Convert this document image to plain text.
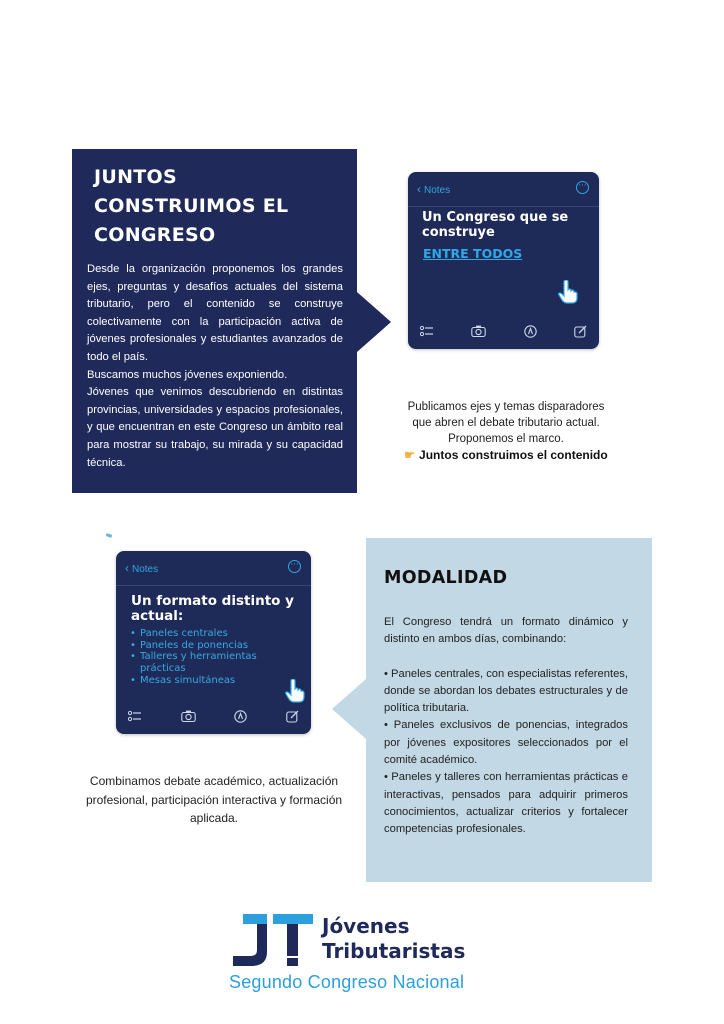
JUNTOS
CONSTRUIMOS EL
CONGRESO

Desde la organización proponemos los grandes ejes, preguntas y desafíos actuales del sistema tributario, pero el contenido se construye colectivamente con la participación activa de jóvenes profesionales y estudiantes avanzados de todo el país.

Buscamos muchos jóvenes exponiendo.

Jóvenes que venimos descubriendo en distintas provincias, universidades y espacios profesionales, y que encuentran en este Congreso un ámbito real para mostrar su trabajo, su mirada y su capacidad técnica.

‹ Notes	···
Un Congreso que se construye
ENTRE TODOS
Publicamos ejes y temas disparadores
que abren el debate tributario actual.
Proponemos el marco.
☛ Juntos construimos el contenido
‹ Notes	···
Un formato distinto y actual:
• Paneles centrales
• Paneles de ponencias
• Talleres y herramientas prácticas
• Mesas simultáneas
Combinamos debate académico, actualización profesional, participación interactiva y formación aplicada.
MODALIDAD

El Congreso tendrá un formato dinámico y distinto en ambos días, combinando:

• Paneles centrales, con especialistas referentes, donde se abordan los debates estructurales y de política tributaria.

• Paneles exclusivos de ponencias, integrados por jóvenes expositores seleccionados por el comité académico.

• Paneles y talleres con herramientas prácticas e interactivas, pensados para adquirir primeros conocimientos, actualizar criterios y fortalecer competencias profesionales.

Jóvenes
Tributaristas
Segundo Congreso Nacional
